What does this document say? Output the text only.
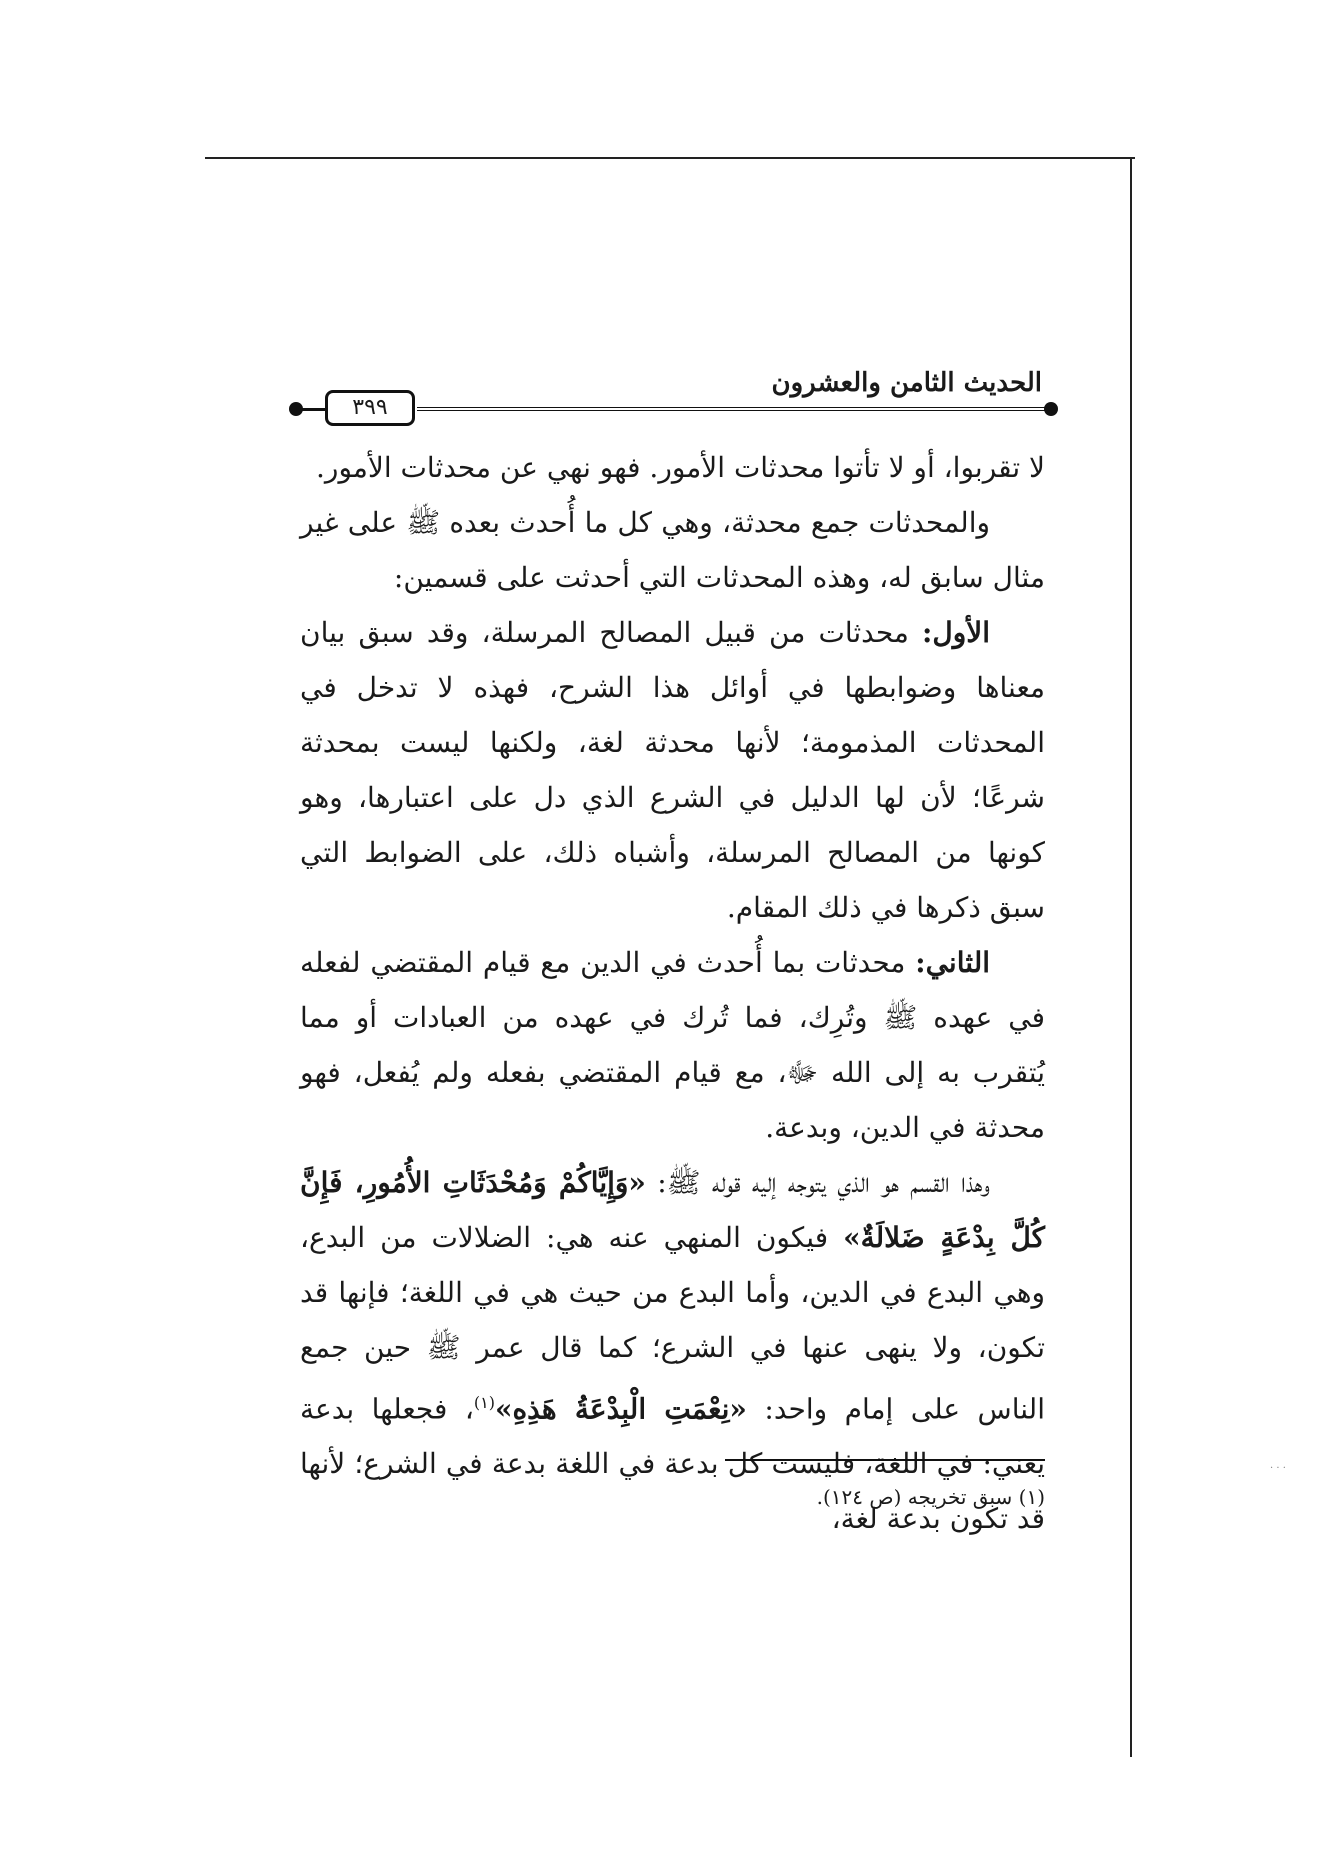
٣٩٩
الحديث الثامن والعشرون

لا تقربوا، أو لا تأتوا محدثات الأمور. فهو نهي عن محدثات الأمور.

والمحدثات جمع محدثة، وهي كل ما أُحدث بعده ﷺ على غير مثال سابق له، وهذه المحدثات التي أحدثت على قسمين:

الأول: محدثات من قبيل المصالح المرسلة، وقد سبق بيان معناها وضوابطها في أوائل هذا الشرح، فهذه لا تدخل في المحدثات المذمومة؛ لأنها محدثة لغة، ولكنها ليست بمحدثة شرعًا؛ لأن لها الدليل في الشرع الذي دل على اعتبارها، وهو كونها من المصالح المرسلة، وأشباه ذلك، على الضوابط التي سبق ذكرها في ذلك المقام.

الثاني: محدثات بما أُحدث في الدين مع قيام المقتضي لفعله في عهده ﷺ وتُرِك، فما تُرك في عهده من العبادات أو مما يُتقرب به إلى الله ﷻ، مع قيام المقتضي بفعله ولم يُفعل، فهو محدثة في الدين، وبدعة.

وهذا القسم هو الذي يتوجه إليه قوله ﷺ: «وَإِيَّاكُمْ وَمُحْدَثَاتِ الأُمُورِ، فَإِنَّ كُلَّ بِدْعَةٍ ضَلالَةٌ» فيكون المنهي عنه هي: الضلالات من البدع، وهي البدع في الدين، وأما البدع من حيث هي في اللغة؛ فإنها قد تكون، ولا ينهى عنها في الشرع؛ كما قال عمر ﷺ حين جمع الناس على إمام واحد: «نِعْمَتِ الْبِدْعَةُ هَذِهِ»$^{(١)}$، فجعلها بدعة يعني: في اللغة، فليست كل بدعة في اللغة بدعة في الشرع؛ لأنها قد تكون بدعة لغة،

(١) سبق تخريجه (ص ١٢٤).
· · ·
